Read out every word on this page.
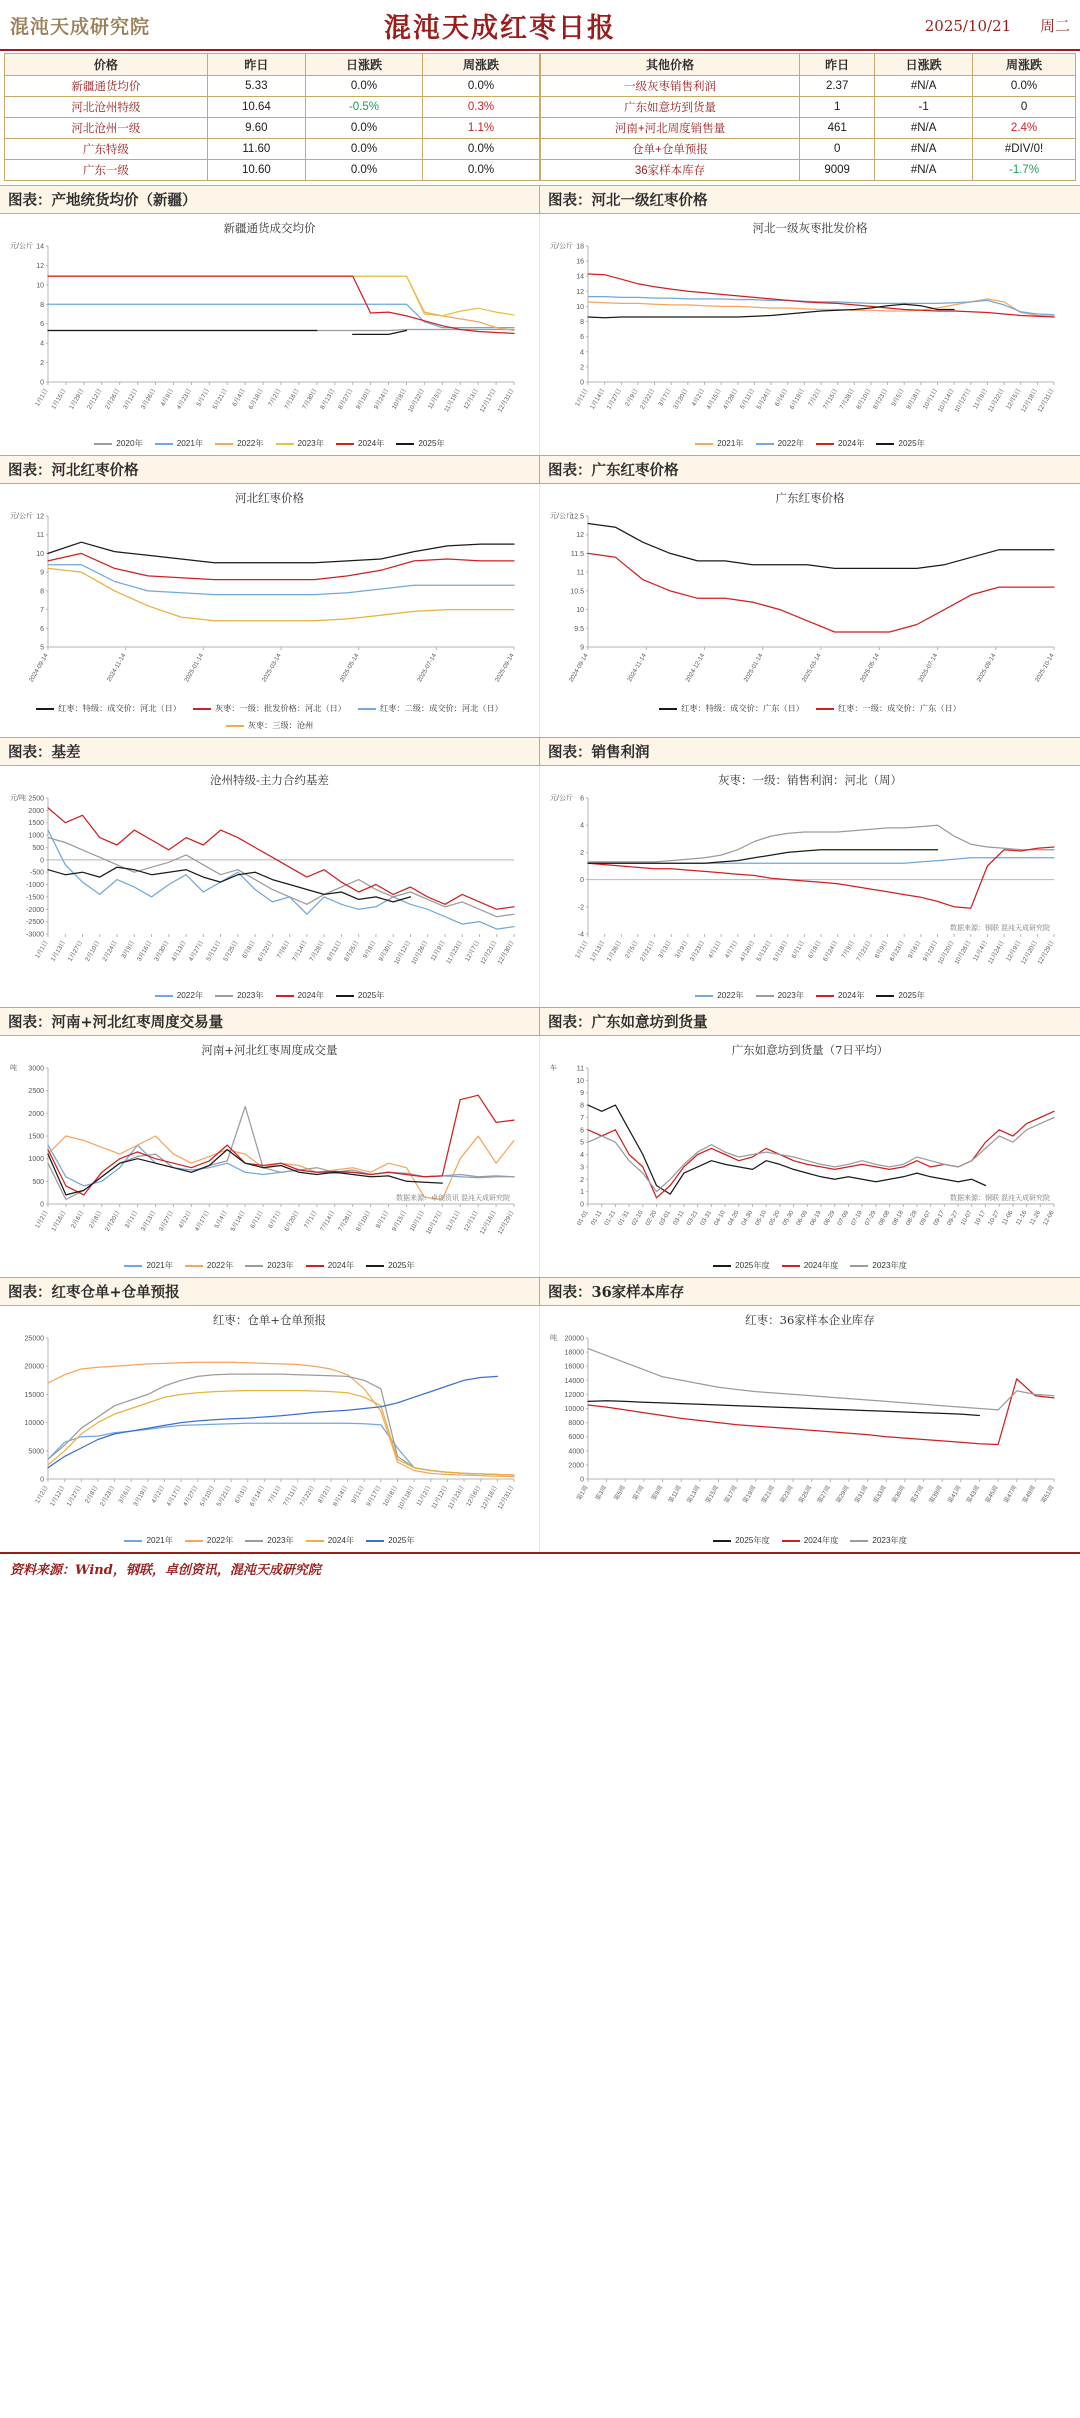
混沌天成研究院	混沌天成红枣日报	2025/10/21 周二
价格	昨日	日涨跌	周涨跌
新疆通货均价	5.33	0.0%	0.0%
河北沧州特级	10.64	-0.5%	0.3%
河北沧州一级	9.60	0.0%	1.1%
广东特级	11.60	0.0%	0.0%
广东一级	10.60	0.0%	0.0%
其他价格	昨日	日涨跌	周涨跌
一级灰枣销售利润	2.37	#N/A	0.0%
广东如意坊到货量	1	-1	0
河南+河北周度销售量	461	#N/A	2.4%
仓单+仓单预报	0	#N/A	#DIV/0!
36家样本库存	9009	#N/A	-1.7%
图表：产地统货均价（新疆）	图表：河北一级红枣价格
新疆通货成交均价
元/公斤
0
2
4
6
8
10
12
14
1月1日 1月15日 1月29日 2月12日 2月26日 3月12日 3月26日 4月9日 4月23日 5月7日 5月21日 6月4日 6月18日 7月2日 7月16日 7月30日 8月13日 8月27日 9月10日 9月24日 10月8日
10月22日 11月5日 11月19日 12月3日
12月17日
12月31日
2020年	2021年	2022年	2023年	2024年	2025年
河北一级灰枣批发价格
元/公斤
0
2
4
6
8
10
12
14
16
18
1月1日 1月14日 1月27日 2月9日 2月22日 3月7日 3月20日 4月2日 4月15日 4月28日 5月11日 5月24日 6月6日 6月19日 7月2日 7月15日 7月28日 8月10日 8月23日 9月5日 9月18日 10月1日
10月14日
10月27日 11月9日
11月22日 12月5日
12月18日
12月31日
2021年	2022年	2024年	2025年
图表：河北红枣价格	图表：广东红枣价格
河北红枣价格
元/公斤
5
6
7
8
9
10
11
12
2024-09-14	2024-11-14	2025-01-14	2025-03-14	2025-05-14	2025-07-14	2025-09-14
红枣：特级：成交价：河北（日）	灰枣：一级：批发价格：河北（日）	红枣：二级：成交价：河北（日）
灰枣：三级：沧州
广东红枣价格
元/公斤
9
9.5
10
10.5
11
11.5
12
12.5
2024-09-14	2024-11-14	2024-12-14	2025-01-14	2025-03-14	2025-05-14	2025-07-14	2025-09-14	2025-10-14
红枣：特级：成交价：广东（日）	红枣：一级：成交价：广东（日）
图表：基差	图表：销售利润
沧州特级-主力合约基差
元/吨
-3000
-2500
-2000
-1500
-1000
-500
0
500
1000
1500
2000
2500
1月1日 1月13日 1月27日 2月10日 2月24日 3月9日 3月16日 3月30日 4月13日 4月27日 5月11日 5月25日 6月8日 6月22日 7月6日 7月14日 7月28日 8月11日 8月25日 9月8日 9月30日
10月12日
10月26日 11月9日
11月23日 12月7日
12月21日
12月30日
2022年	2023年	2024年	2025年
灰枣：一级：销售利润：河北（周）
元/公斤
-4
-2
0
2
4
6
1月1日 1月13日 1月26日 2月5日 2月21日 3月3日 3月9日 3月23日 4月1日 4月7日 4月20日 5月12日 5月18日 6月1日 6月8日 6月24日 7月9日 7月21日 8月9日 8月23日 9月6日 9月23日
10月20日
10月26日 11月4日
11月24日 12月9日
12月20日
12月29日
数据来源：钢联 混沌天成研究院
2022年	2023年	2024年	2025年
图表：河南+河北红枣周度交易量	图表：广东如意坊到货量
河南+河北红枣周度成交量
吨
0
500
1000
1500
2000
2500
3000
1月2日 1月16日 2月6日 2月8日 2月20日 3月1日 3月13日 3月27日 4月2日 4月17日 5月4日 5月14日 6月1日 6月7日 6月20日 7月1日 7月14日 7月28日 8月10日 9月1日 9月15日 10月1日
10月17日 11月1日 12月1日
12月16日
12月29日
数据来源：卓创资讯 混沌天成研究院
2021年	2022年	2023年	2024年	2025年
广东如意坊到货量（7日平均）
车
0
1
2
3
4
5
6
7
8
9
10
11
01-01 01-11 01-21 01-31 02-10 02-20 03-01 03-11 03-21 03-31 04-10 04-20 04-30 05-10 05-20 05-30 06-09 06-19 06-29 07-09 07-19 07-29 08-08 08-18 08-28 09-07 09-17 09-27 10-07 10-17 10-27 11-06 11-16 11-26 12-06
数据来源：钢联 混沌天成研究院
2025年度	2024年度	2023年度
图表：红枣仓单+仓单预报	图表：36家样本库存
红枣：仓单+仓单预报
0
5000
10000
15000
20000
25000
1月2日 1月12日 1月27日 2月8日 2月23日 3月6日 3月19日 4月2日 4月17日 4月27日 5月10日 5月21日 6月3日 6月14日 7月1日 7月11日 7月22日 8月2日 8月14日 9月1日 9月17日 10月8日
10月18日 11月2日
11月12日
11月23日 12月6日
12月16日
12月31日
2021年	2022年	2023年	2024年	2025年
红枣：36家样本企业库存
吨
0
2000
4000
6000
8000
10000
12000
14000
16000
18000
20000
第1周 第3周 第5周 第7周 第9周 第11周 第13周 第15周 第17周 第19周 第21周 第23周 第25周 第27周 第29周 第31周 第33周 第35周 第37周 第39周 第41周 第43周 第45周 第47周 第49周 第51周
2025年度	2024年度	2023年度
资料来源：Wind，钢联，卓创资讯，混沌天成研究院
